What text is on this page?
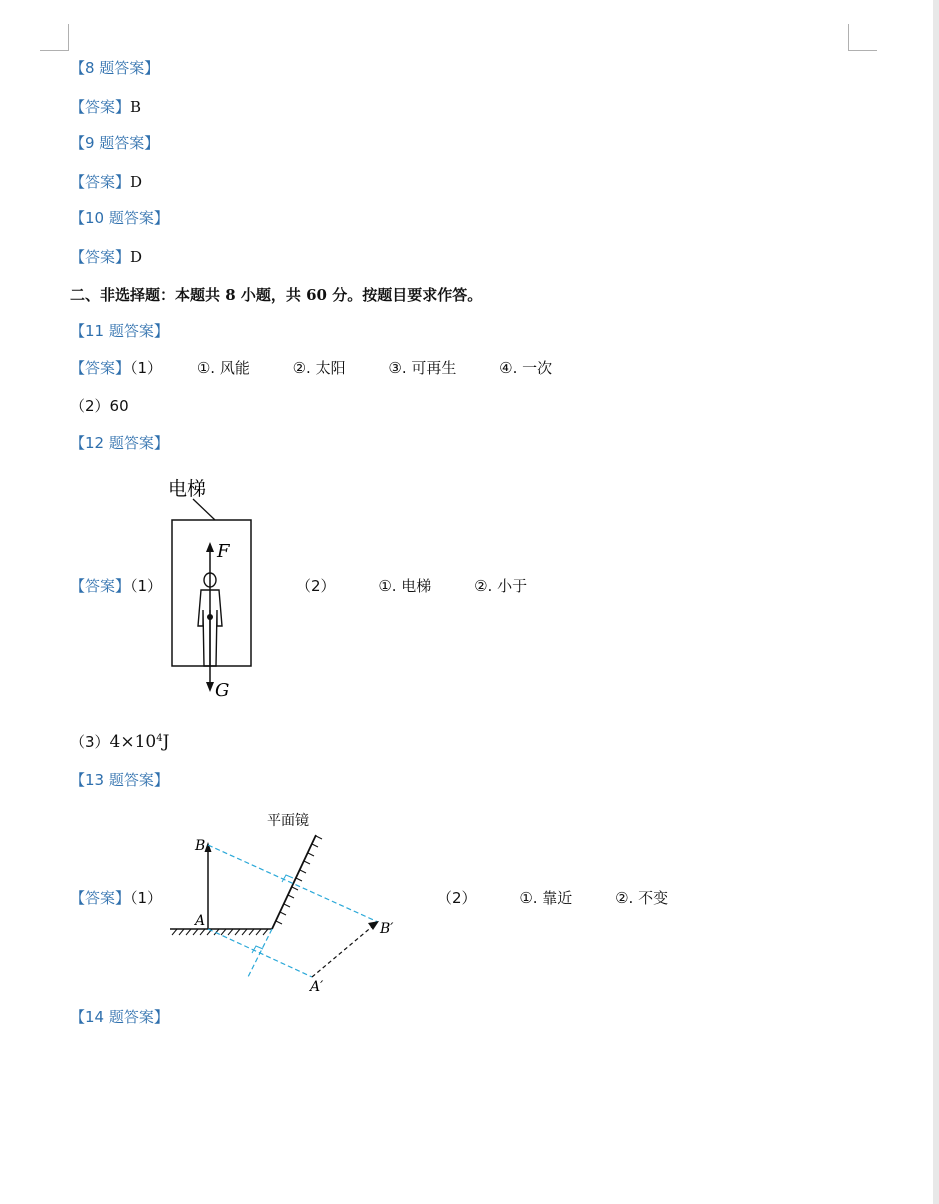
【8 题答案】
【答案】B
【9 题答案】
【答案】D
【10 题答案】
【答案】D
二、非选择题：本题共 8 小题，共 60 分。按题目要求作答。
【11 题答案】
【答案】（1） ①. 风能	②. 太阳	③. 可再生	④. 一次
（2）60
【12 题答案】
【答案】（1）
电梯
F
G
（2）	①. 电梯	②. 小于
$(3)4\times 10^4J$
【13 题答案】
【答案】（1）
平面镜
B
A	B′
A′
（2）	①. 靠近	②. 不变
【14 题答案】
